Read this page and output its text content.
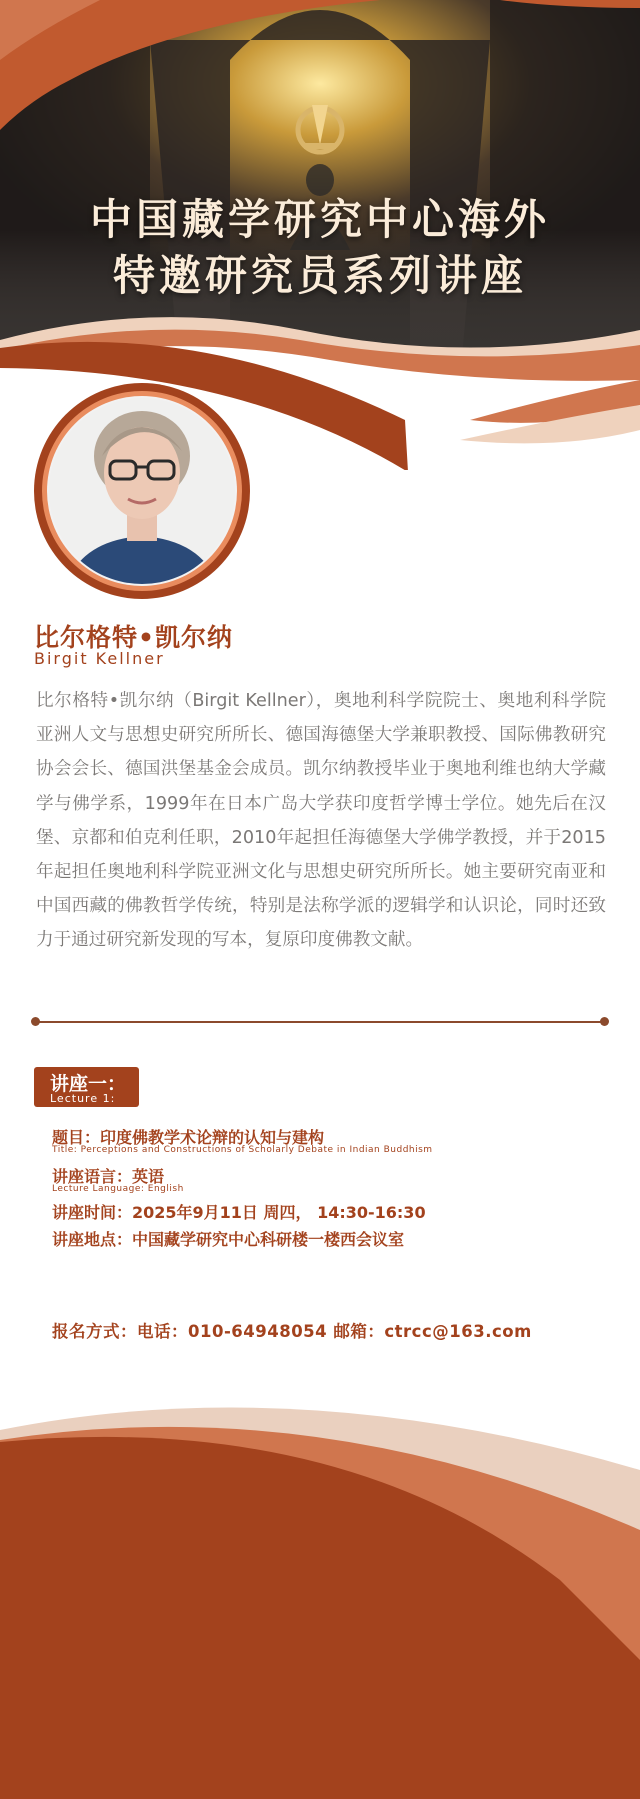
中国藏学研究中心海外
特邀研究员系列讲座
比尔格特•凯尔纳
Birgit Kellner
比尔格特•凯尔纳（Birgit Kellner），奥地利科学院院士、奥地利科学院亚洲人文与思想史研究所所长、德国海德堡大学兼职教授、国际佛教研究协会会长、德国洪堡基金会成员。凯尔纳教授毕业于奥地利维也纳大学藏学与佛学系，1999年在日本广岛大学获印度哲学博士学位。她先后在汉堡、京都和伯克利任职，2010年起担任海德堡大学佛学教授，并于2015年起担任奥地利科学院亚洲文化与思想史研究所所长。她主要研究南亚和中国西藏的佛教哲学传统，特别是法称学派的逻辑学和认识论，同时还致力于通过研究新发现的写本，复原印度佛教文献。
讲座一：
Lecture 1:
题目：印度佛教学术论辩的认知与建构
Title: Perceptions and Constructions of Scholarly Debate in Indian Buddhism
讲座语言：英语
Lecture Language: English
讲座时间：2025年9月11日 周四， 14:30-16:30
讲座地点：中国藏学研究中心科研楼一楼西会议室
报名方式：电话：010-64948054 邮箱：ctrcc@163.com
